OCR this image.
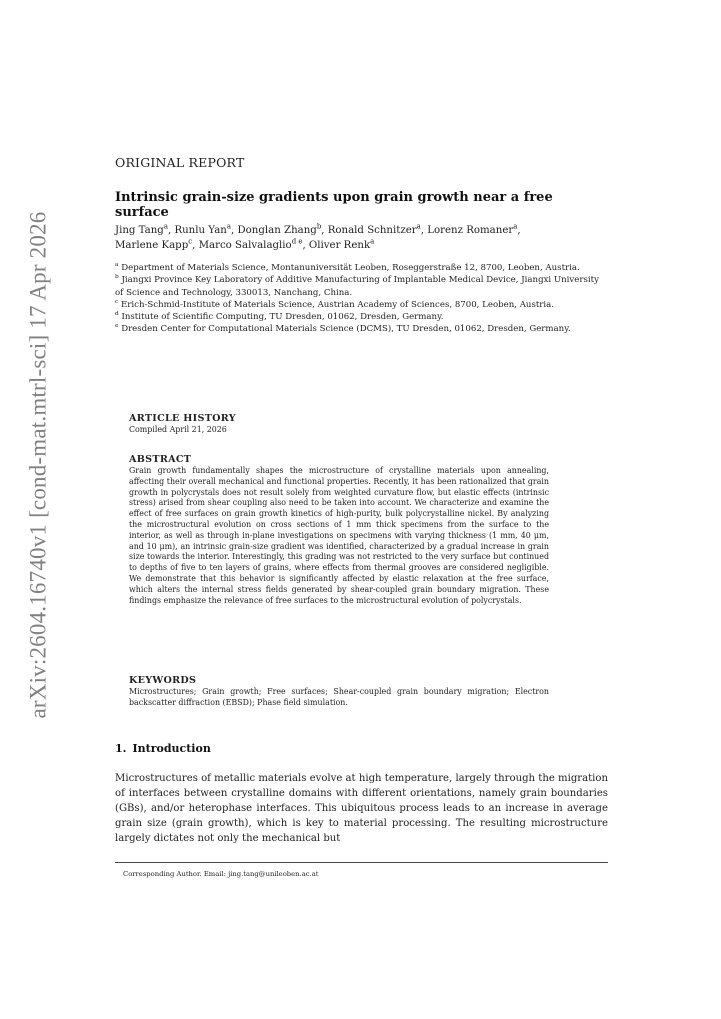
arXiv:2604.16740v1 [cond-mat.mtrl-sci] 17 Apr 2026
ORIGINAL REPORT
Intrinsic grain-size gradients upon grain growth near a free surface
Jing Tang$^a$, Runlu Yan$^a$, Donglan Zhang$^b$, Ronald Schnitzer$^a$, Lorenz Romaner$^a$,
Marlene Kapp$^c$, Marco Salvalaglio$^{d e}$, Oliver Renk$^a$
$^a$ Department of Materials Science, Montanuniversität Leoben, Roseggerstraße 12, 8700, Leoben, Austria.
$^b$ Jiangxi Province Key Laboratory of Additive Manufacturing of Implantable Medical Device, Jiangxi University of Science and Technology, 330013, Nanchang, China.
$^c$ Erich-Schmid-Institute of Materials Science, Austrian Academy of Sciences, 8700, Leoben, Austria.
$^d$ Institute of Scientific Computing, TU Dresden, 01062, Dresden, Germany.
$^e$ Dresden Center for Computational Materials Science (DCMS), TU Dresden, 01062, Dresden, Germany.
ARTICLE HISTORY
Compiled April 21, 2026
ABSTRACT
Grain growth fundamentally shapes the microstructure of crystalline materials upon annealing, affecting their overall mechanical and functional properties. Recently, it has been rationalized that grain growth in polycrystals does not result solely from weighted curvature flow, but elastic effects (intrinsic stress) arised from shear coupling also need to be taken into account. We characterize and examine the effect of free surfaces on grain growth kinetics of high-purity, bulk polycrystalline nickel. By analyzing the microstructural evolution on cross sections of 1 mm thick specimens from the surface to the interior, as well as through in-plane investigations on specimens with varying thickness (1 mm, 40 μm, and 10 μm), an intrinsic grain-size gradient was identified, characterized by a gradual increase in grain size towards the interior. Interestingly, this grading was not restricted to the very surface but continued to depths of five to ten layers of grains, where effects from thermal grooves are considered negligible. We demonstrate that this behavior is significantly affected by elastic relaxation at the free surface, which alters the internal stress fields generated by shear-coupled grain boundary migration. These findings emphasize the relevance of free surfaces to the microstructural evolution of polycrystals.
KEYWORDS
Microstructures; Grain growth; Free surfaces; Shear-coupled grain boundary migration; Electron backscatter diffraction (EBSD); Phase field simulation.
1. Introduction
Microstructures of metallic materials evolve at high temperature, largely through the migration of interfaces between crystalline domains with different orientations, namely grain boundaries (GBs), and/or heterophase interfaces. This ubiquitous process leads to an increase in average grain size (grain growth), which is key to material processing. The resulting microstructure largely dictates not only the mechanical but
Corresponding Author. Email: jing.tang@unileoben.ac.at
